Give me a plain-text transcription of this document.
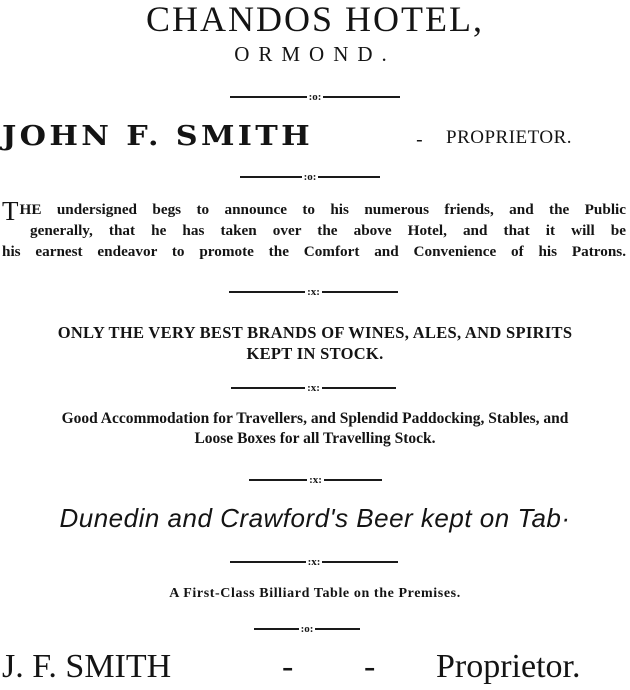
CHANDOS HOTEL,
ORMOND.
:o:
JOHN F. SMITH	- PROPRIETOR.
:o:
T HE undersigned begs to announce to his numerous friends, and the Public
generally, that he has taken over the above Hotel, and that it will be
his earnest endeavor to promote the Comfort and Convenience of his Patrons.
:x:
ONLY THE VERY BEST BRANDS OF WINES, ALES, AND SPIRITS
KEPT IN STOCK.
:x:
Good Accommodation for Travellers, and Splendid Paddocking, Stables, and
Loose Boxes for all Travelling Stock.
:x:
Dunedin and Crawford's Beer kept on Tab·
:x:
A First-Class Billiard Table on the Premises.
:o:
J. F. SMITH	- - Proprietor.
